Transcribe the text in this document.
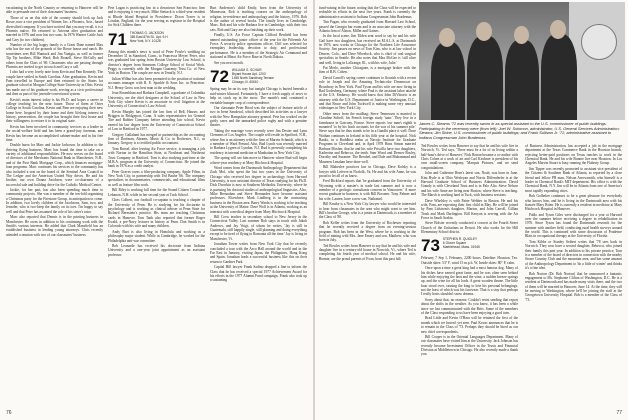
vacationing in the North Country or returning to Hanover will be able to persuade one of their classmates' business.

Those of us on this side of the country should look up Jack Rosse, now a vice president of Warner, Inc. a Phoenix, Ariz., based diversified company. If you have noticed that you may recall, it is a Phoenix native. He returned to Arizona after graduation and married in 1976 and now has two sons. In 1976 Warner Cattle Jack and Cary (to two children).

Number of the big happy family is a Great Dane named Max who has the run of the grounds of the Rosse house and ranch. He sometimes sees Bill Wantuck and Jim Vanigia, as well as former Tip Tip brothers, Mike Ward, Bob Boutell, Steve McCully and others from the Class of '69. Classmates who are passing through Phoenix are invited to get in touch and Cary a call.

I also had a very lovely note from Kevin and Pam Kennedy. The couple have settled in South Carolina. After graduation, Kevin and Pam travelled in Europe and then returned to the States for graduate school at Morgan College State University in Ohio. Kevin has made use of his graduate work, serving as a civic professional and then as part of the juvenile-correctional system.

Kevin's main interest today is his Ph.D. and hopes a career in college teaching for the near future. Those of them at Oster College in South Carolina. Kevin and Pam are enjoying their new home here. Inspired by their home and their lifelong interest in history, preservation, the couple has brought their first house and their willingness to restore it to its original state.

Kevin has been involved in community services as a leader in the social-welfare field and has been a grand-jury foreman, and Kevin has become an accomplished cabinet-maker and in his free time.

Double hurra for Marc and Jackie Jacboson. In addition to the thriving flying business, Marc has found the time to take on a variety of additional responsibilities. He now serves on the board of directors of the Merchants National Bank in Manchester, N.H., and of the First Bank Mortgage Corp., which finances mortgage-loan programs. Marc continues his services to the community has also included a seat on the board of the Sentinel Area Council in The Ledger and the American United Way drives. He and his brother, our own Donna Jacobsen, were co-chairmen of a successful sale and building drive for the Catholic Medical Center.

Jackie, for her part, has also been spending much time to community projects. She was a member of the ten-fold organizing a Christmas party for the Firestone Group, in anticipation to come. In addition, two lovely children of the Jacobsons, Sam, two, and Jennifer, who is two-keep the family on its toes. I'm happy to say well and that Peter has assumed the role of his sister's tutor.

Marc also reported that Dennis is in the printing business in Manchester. He owns in addition to his continuing work with the Smith's various interests. He added that Clark Mansfield has an established business in lending young attorneys. Chris recently attended a reunion with two of our classmates' business.

Pete Logan is practicing law in a downtown San Francisco firm and is enjoying it very much. Mike Stettack is a third-year resident at Rhode Island Hospital in Providence. Dixon Tower is in London, England, for the year serving as registrar in the Hospital for Sick Children there.

71 THOMAS G. JACKSON
365 East 87th St., Apt. 9-H
New York, N.Y. 10128

Among this month's news is word of Peter Fowle's wedding on December 31 in Stamford, Conn., to Francesca Meyer. Peter, who was graduated last spring from Boston University Law School, is director's degree from Simmons College School of Social Work. Peggy is currently with the Morgan Guaranty Trust Co. of New York in Boston. The couple are now in Tenafly, N.J.

Julian Wilbur has also been promoted to the position of national accounts manager with R. E. Sparkle & Sons Inc. in Princeton. N.J. Henry Gross was best man at the wedding.

Jean Rosenblum and Barbara Campbell, a graduate of Columbia University, are the chief designers at the School of Law in New York City where Kevin is an associate in civil litigation at the University of Connecticut's Law School.

Kevin Murphy has joined the law firm of Bell, Hauser, and Briggen in Bridgeport, Conn. A sales representative for General Tire and Rubber Company before attending law school, Kevin earned his law degree from the University of Connecticut School of Law in Hartford in 1977.

Gregory Gallalanti has merged in partnership as the accounting firm of Dorfman, Abrams, Music & Co. in Rochester, N.J., as January. Gregory is a certified public accountant.

Tom Russel, after leaving Air Force service, is managing a job with Norton in the Hamilton State, at Northeast and Northeast Trust Company in Hartford. Tom is also studying part-time at the M.B.A. program at the University of Connecticut. He joined the bank in 1976 as a credit analyst.

Peter Graves owns a film-producing company, Apple Films, in New York City, in partnership with Ted Bauhe '66. The company specializes in documentaries, commercials, and educational films as well as feature film work.

Bill Riley is working full time for the Sound Citizen Council in Lebanon, N.H. while in her second year at Tuck School.

Chris Colbert, our football co-captain is teaching a chapter of the University of Penn. He is studying for his doctorate in psychology and is working as clinical adviser at Penn State for Richard Bernstein's practice. His team are teaching Christmas cards in Hanover. Tom Tank also reported that former Roger Ewald, a pre-Navy lecturer in history at Penn. Don Smith is in Colorado with his wife and many children.

Andy Burt is also living in Honolulu and working as a philosophy major student. While in Cambridge, he worked for the Philadelphia anti-war committee.

Rob Leonarde has received his doctorate from Indiana University and a one-year joint appointment as an assistant professor.

Burt Anderson's child Emily, born from the University of Minnesota, Rob is teaching courses on the anthropology of religion, in-residence and anthropology and the history, 1976. Rob is the author of several books. The family lives in Cambridge, Mass. Rob and his wife Barbara live in Cambridge, with their two cats. Rob and Gary are also finishing up their work.

Finally, U.S. Air Force Captain Clifford Benfield has been named outstanding junior officer of the year for the Fifteenth Air Force. A security police operations officer, Cliff was selected for exemplary leadership, devotion to duty, and professional performance. He is a member of the Strategic Air Command and stationed at Minot Air Force Base in North Dakota.

See you next month.

72 WILLIAM G. SCHUR
Bryant House Apt. 1203
1455 North Sandburg Terrace
Chicago, Ill. 60610

Spring may be on its way but tonight Chicago is buried beneath a mid-winter blizzard. Fortunately, I have a fresh supply of news to help us stock up in the snow. The month's mail contained a veritable bumper crop of correspondence.

Our classmate Peter Hood was the subject of feature article of two in Irene Sandoval, which described his activities as a lawyer with the New Hampshire attorney general. Pete has worked on the grisly cases and the unmarked police rugby and with a genuine theater.

Taking the marriage vows recently were Jim Dexter and Lynn Clements of Los Angeles. The couple will reside in Spofford, N.H., where Jim is an attorney with the firm of Marvin Schmidt, which is a member of Ward Freund. Also, Bud Lynch was recently married to Barbara Lygren of Lyndon, N.J. Bud is presently completing his residency in internal medicine at Manhattan in New York City.

The spring will see him move to Hanover where Bud will begin a three-year residency at Mary Hitchcock Hospital.

Word comes from the Dartmouth Anthropology Department that Zack Mol, who spent the last two years in the University of Chicago who received her degree in archaeology from Harvard University, is now assistant director of Texas studying for his Ph.D. Dick Dworkin is now at Southern Methodist University, where he is pursuing his doctoral studies of anthropological linguistics. Also, Mike Bresnahan and Steve Hernandez have become assistant professors. Elsewhere, Mark Lindberg is in the contracting business in the Boston area. Barry Warda is working to be teaching at the University of Maine. Dave Wolf is in Atlanta, working as an internist with a medical degree from Mary Hitchcock Hospital.

Bill Crow teaches in secondary school to New Jersey in the Connecticut Valley. Last summer Bob stays in touch with Jakob Andrews, and Jay Voigt, of whom he writes, 'Jay is still in Guatemala, still happily single, still planning and doing everything except to be tired of flying to Romania all the time.' Jay is living in Manchester, Vt.

Jonathan Tower writes from New York City that he recently concluded a tour with the Arco Hall around the world and in the Far East in January, visiting Japan, the Philippines, Hong Kong and Spain. Jonathan leads a successful business like this on their return to Gardner Park.

Capital Hill lawyer Frank Sadino dropped a line to inform the Class that he has received a special 1977 Achievement Award for his efforts in the 1977 Alumni Fund campaign. Frank also took up a sustaining

76

fund-raising in the future, noting that the Class will be expected to redouble its efforts in the next five years. Frank is currently the administrative assistant to Indiana Congressman John Brademas.

Tim Pagan, who recently graduated from Harvard Law School, passed the Georgia bar exam and is an associate attorney with the Atlanta firm of Alston, Miller and Gaines.

In the local scene, Jim Tilden sent word to say he and his wife Gail have two daughters, has received an M.A.L.S. at Dartmouth in 1976, now works in Chicago for the Northern Life Assurance Society. Jim passes on news of Tom Kim, who is at law school in Denver, Colo., and Dave Wheelock, who is chief of oral surgical specialists in Seattle. He also notes that Max McGee is 'still alive and well, living in LaGrange, Ill., with his wife, Julie.'

Pat Merlo, another Chicagoan, is a mortgage broker with the firm of R.B. Cohen.

David Carroll's saying career continues to flourish with a recent role in Joseph and the Amazing Technicolor Dreamcoat on Broadway in New York. Paul Tyson and his wife are now living in Bad Godesberg, Germany, where Paul is the assistant labor attaché at the U.S. Embassy. He would know that John DiVittorio is an attorney with the U.S. Department of Justice in Washington, D.C., and that Bruce and John Tuckwell is making some very unusual videotapes in New York City.

Other news from the mailbag: Steve Tennessen is married to Claudine Soltoff, his French foreign study 'tutor.' They live in a farmhouse in Gascony, France. Steve reports 'our man's eighth is mounted' 'to by his book accounts for the war of his summer pile.' Steve says that he thus stands to be in a Gandhi place it well. Dave Wathan continues in Ireland in his fifth year at the hospital. Nick Banks, in a Buddhist realm at Navajo Institute for Graduate Programs in Cleveland and, in April 1978 Hans Simon married Barbara Mosher, that he and his wife Priscilla have two daughters, Katherine and Rebecca, the tenth. Sam Wood and Denver Bosley, Dorothy and Suzanne. The Breubel, and Dale and Muhammad and Maureen Lenahan have done well.

Bill Blakeslee practices law in Chicago, Dave Kolsky is a lawyer with Lefevre in Norfolk, Va. He and his wife Anne, he was proud to let all of us know.

Fred Bickford reports that 'he graduated from the University of Wyoming with a master's in trade last summer and is now a member of a geologic consultants concern in Vancouver.' A more recent graduate in business is with Bill Bocaner. Tony Palmer and his wife, Lauren, have a new son, Nathaniel.

Bill Krutke is a New York City lawyer who would be interested to hear from classmates in the area who might want to see him. Bill's brother George, who is a junior at Dartmouth, is a member of the Class of '80.

Bob Keller writes from the University of Rochester reporting that he recently received a degree from an evening-session program. Bob has been in the West, where he is working in the field of mining with Mrs. Jane Emery and son, Matthew, who was born in July.

Ted Bowles writes from Hanover to say that he and his wife and daughter live in a century-old house in Norwich, Vt., where Ted is completing his fourth year of medical school. He and his wife, Bonnie, are the proud parents of Evan, born this past fall.

James C. Stearns '72 was recently sworn in as special assistant to the U.S. commissioner of public buildings. Participating in the ceremony were (from left): Joel W. Solomon, administrator, U.S. General Services Administration; Stearns; Jim Shine, U.S. commissioner of public buildings; and Frank Sullivan Jr. '72, administrative assistant to Indiana Congressman John Brademas.

Ted Bowles writes from Hanover to say that he and his wife live in Norwich, Vt. Ted says, 'There must be a lot of us living within a half-hour's drive of Hanover.' Nick Ronan became a co-author with Chris Cohen at a work of art and Carl Kirchner is president of his own small-screen company, 'Marquis Pictures,' and we send congratulations.

John and Catherine Horn's latest son, Noah, was born in June. Kim Hyde is at Ohio Wesleyan and Norris Diffenderfer is at the Harvard Graduate School of Business Administration. David Grandy is with Cleveland Trust and is in Palo Alto. Steve Nelson and his wife Anne are living near Boston, where Steve is teaching. The Marsh is working hard at Tuck, with business sessions.

Dave Whelsley is with Paine Webber in Boston. He and his wife, Pam, are expecting their first child in May. He will be joined by Pam Lidstrom's daughter, Marion, and John Carroll, Gillian Trask and Mark Darlington. Bill Kenyon is serving with the Air Force in Saudi Arabia.

Steve Bolster recently conducted a concert at the Fourth Street Church of the Unitarians in Detroit. He also works for the Hill Elementary School district.

73 STEPHEN R. QUIGLEY
6 Glover Square
Marblehead, Mass. 01945

February 7 Sep 1, February, 2200 hours, Dateline: Houston, Tex. Outside skies: 53° F, wind 15 m.p.h. W, Inside skies: 80° F, calm.

Once upon a time a great king had a most famous dog. Many of his dishes have earned great fame, and he was often seen behind him while enjoying the heat and the wine, a sudden breeze springs up, and the wine for all his lords. A great wooden throne. The little boar stood over, causing the king to lose his personal belongings, not the least of which was his footwear. That is a stay that perhaps I really hosts shouldn't snow dreams.

Sorry about that, no reasons: Couldn't resist sending that report about the shifts in the weather. As you know, it has been a while since we last communicated with the Brits. Some of the members of the Class responding to us have been enjoying a good turn.

Brad Little and Kevin O'Hara will be retained the first of the month which we haven't yet seen. Paul Kovac announces that he is to remain in the Class of '73. Perhaps they should be hired as our new chief correspondents.

Bill Cooper is in the Oriental Languages Department. Many of our classmates have visited him at the University. Jack Johnson has recently become Investment Officer in the Trusts and Financial Division at Middletown in Chicago. He also recently made a thank you.

of Business Administration, has accepted a job in the mortgage department at the Texas Commerce Bank in the Houston branch, rejecting better-paid positions on Texas ranches to work in the Chemical Bank. He and his wife Bonnie live near Houston. In Los Angeles Marvin Stuart is busy running the Flaherty Group.

Jim Tipper was recently promoted to assistant vice president of the Citizens & Southern Bank of Atlanta, as reported by a close friend and fellow PR man, Nelson Arrowsmith, who himself is a leader in Chemical Bank's MIT department. His office is with the Chemical Bank, N.Y. Jim will be in Atlanta from one of America's most rapidly expanding cities.

Bob Golbeker continues to be a great pleasure for everybody who knows him, and he is living in the Dartmouth area with his fiancée Mary Brien. He is currently a resident in medicine at Mary Hitchcock Hospital in Hanover.

Pablo and Tyson Giles were discharged for a year at Harvard over the summer before receiving a degree in rehabilitation in 1976. Since Tyson has found the Dartmouth research for the summer with another field, conducting rural health surveys around the world. This is continued with some discussion of Prudence Blais in occupational therapy at the University of Florida.

Tom Kibbe or Stanley Seibert writes that '78 sees back in Norwich. They now have a second daughter, Rebecca, who joined their family this past year. In addition to his private practice, Tom is a member of the board of directors in connection with the nearby Stowe Country Club and the mountain area, and has some amount of the Anthropology Department to 'do a little of winter' and thinks it's a fine idea.

Bob Norton (Dr. Bob Norton) that he announced a fantastic engagement to Ms. Stephanie Clifton of Washington, D.C. He is a resident at Dartmouth and has made many visits there, and the two of them will be married in Hanover, June 14. At the time, they will be moving to Washington, where he'll be joining the staff at the Georgetown University Hospital. Bob is a member of the Class of '73.

77
